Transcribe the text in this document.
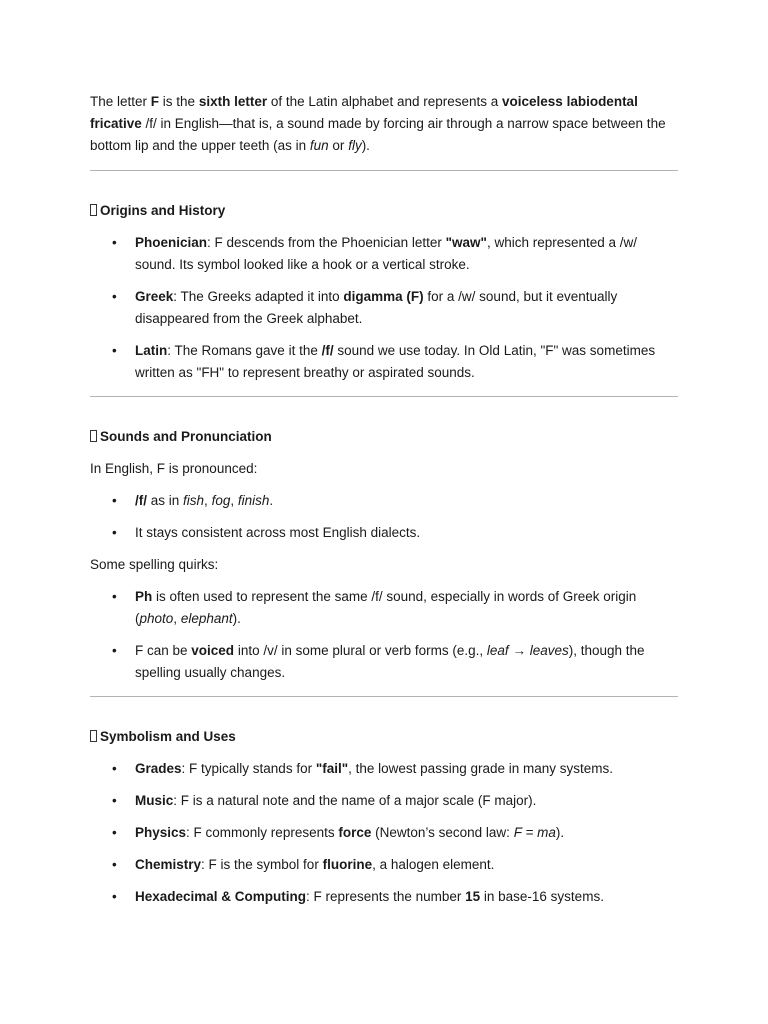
The letter F is the sixth letter of the Latin alphabet and represents a voiceless labiodental fricative /f/ in English—that is, a sound made by forcing air through a narrow space between the bottom lip and the upper teeth (as in fun or fly).

Origins and History
• Phoenician: F descends from the Phoenician letter "waw", which represented a /w/ sound. Its symbol looked like a hook or a vertical stroke.
• Greek: The Greeks adapted it into digamma (F) for a /w/ sound, but it eventually disappeared from the Greek alphabet.
• Latin: The Romans gave it the /f/ sound we use today. In Old Latin, "F" was sometimes written as "FH" to represent breathy or aspirated sounds.
Sounds and Pronunciation

In English, F is pronounced:

• /f/ as in fish, fog, finish.
• It stays consistent across most English dialects.

Some spelling quirks:

• Ph is often used to represent the same /f/ sound, especially in words of Greek origin (photo, elephant).
• F can be voiced into /v/ in some plural or verb forms (e.g., leaf → leaves), though the spelling usually changes.
Symbolism and Uses
• Grades: F typically stands for "fail", the lowest passing grade in many systems.
• Music: F is a natural note and the name of a major scale (F major).
• Physics: F commonly represents force (Newton’s second law: F = ma).
• Chemistry: F is the symbol for fluorine, a halogen element.
• Hexadecimal & Computing: F represents the number 15 in base-16 systems.
